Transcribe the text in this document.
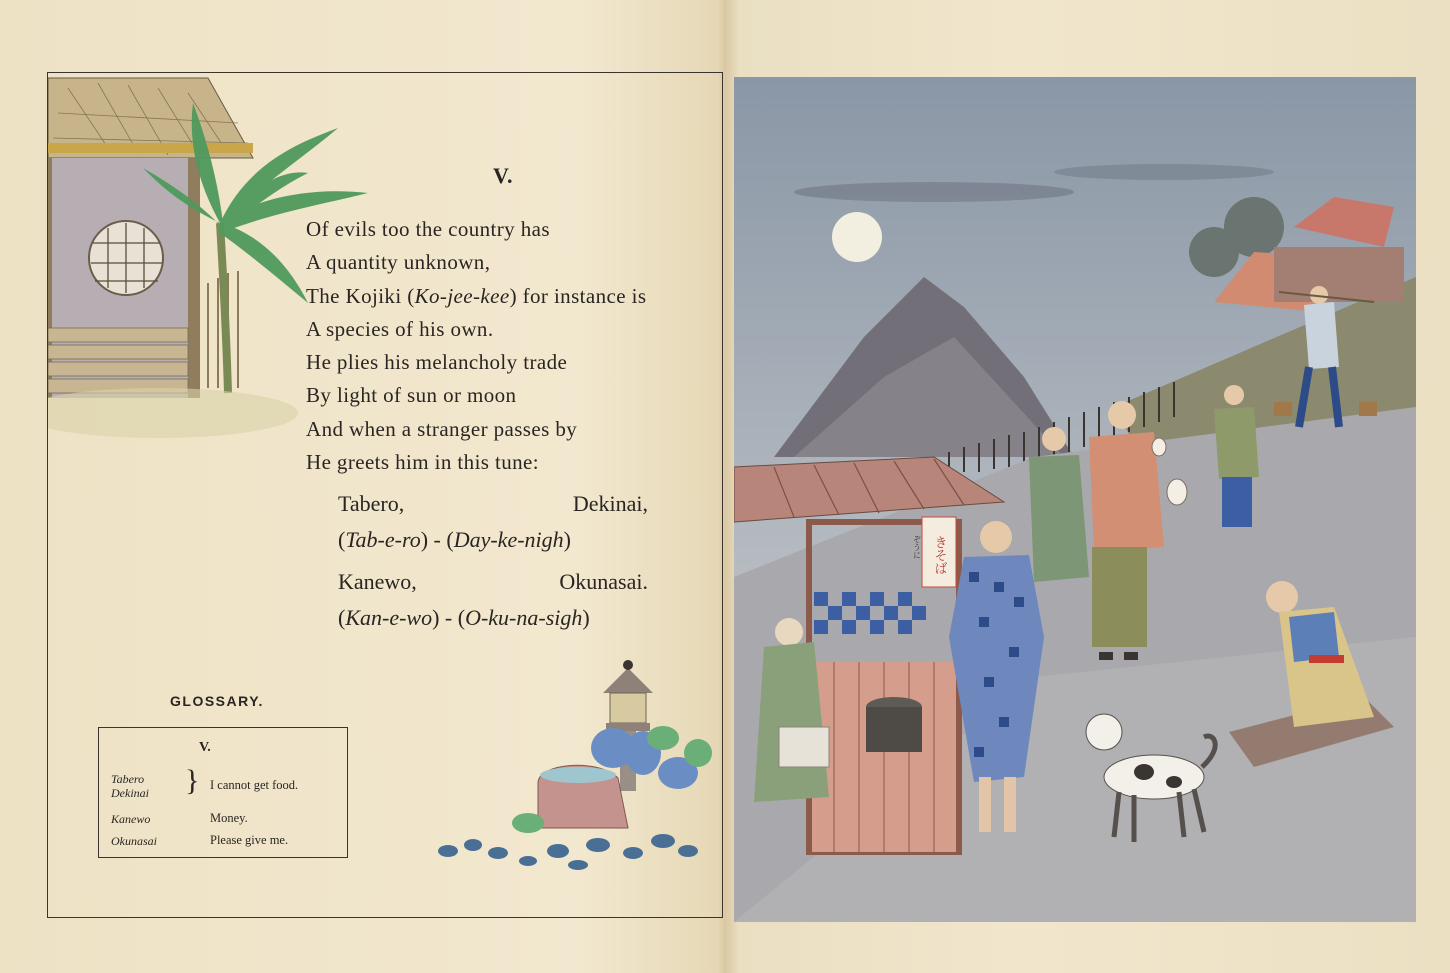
V.
Of evils too the country has
A quantity unknown,
The Kojiki (Ko-jee-kee) for instance is
A species of his own.
He plies his melancholy trade
By light of sun or moon
And when a stranger passes by
He greets him in this tune:
Tabero,	Dekinai,
(Tab-e-ro) - (Day-ke-nigh)
Kanewo,	Okunasai.
(Kan-e-wo) - (O-ku-na-sigh)
GLOSSARY.
V.
Tabero
Dekinai } I cannot get food.
Kanewo	Money.
Okunasai	Please give me.
きそば
ぞうに
